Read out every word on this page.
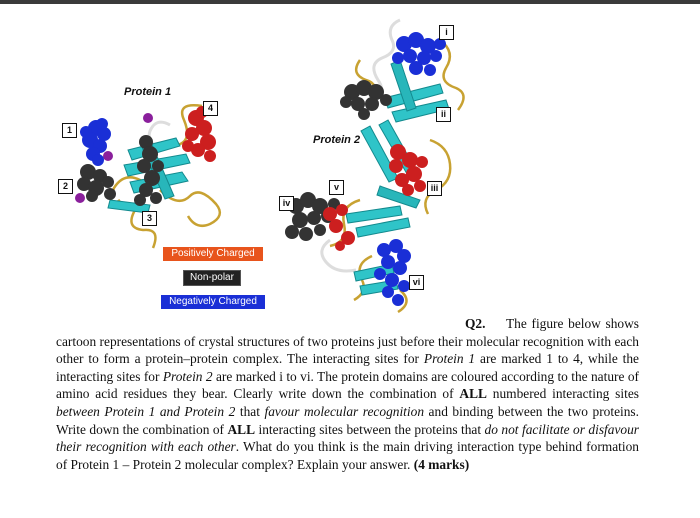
Protein 1
Protein 2
1
2
3
4
i
ii
iii
iv
v
vi
Positively Charged
Non-polar
Negatively Charged
Q2.	The figure below shows cartoon representations of crystal structures of two proteins just before their molecular recognition with each other to form a protein–protein complex. The interacting sites for Protein 1 are marked 1 to 4, while the interacting sites for Protein 2 are marked i to vi. The protein domains are coloured according to the nature of amino acid residues they bear. Clearly write down the combination of ALL numbered interacting sites between Protein 1 and Protein 2 that favour molecular recognition and binding between the two proteins. Write down the combination of ALL interacting sites between the proteins that do not facilitate or disfavour their recognition with each other. What do you think is the main driving interaction type behind formation of Protein 1 – Protein 2 molecular complex? Explain your answer. (4 marks)
